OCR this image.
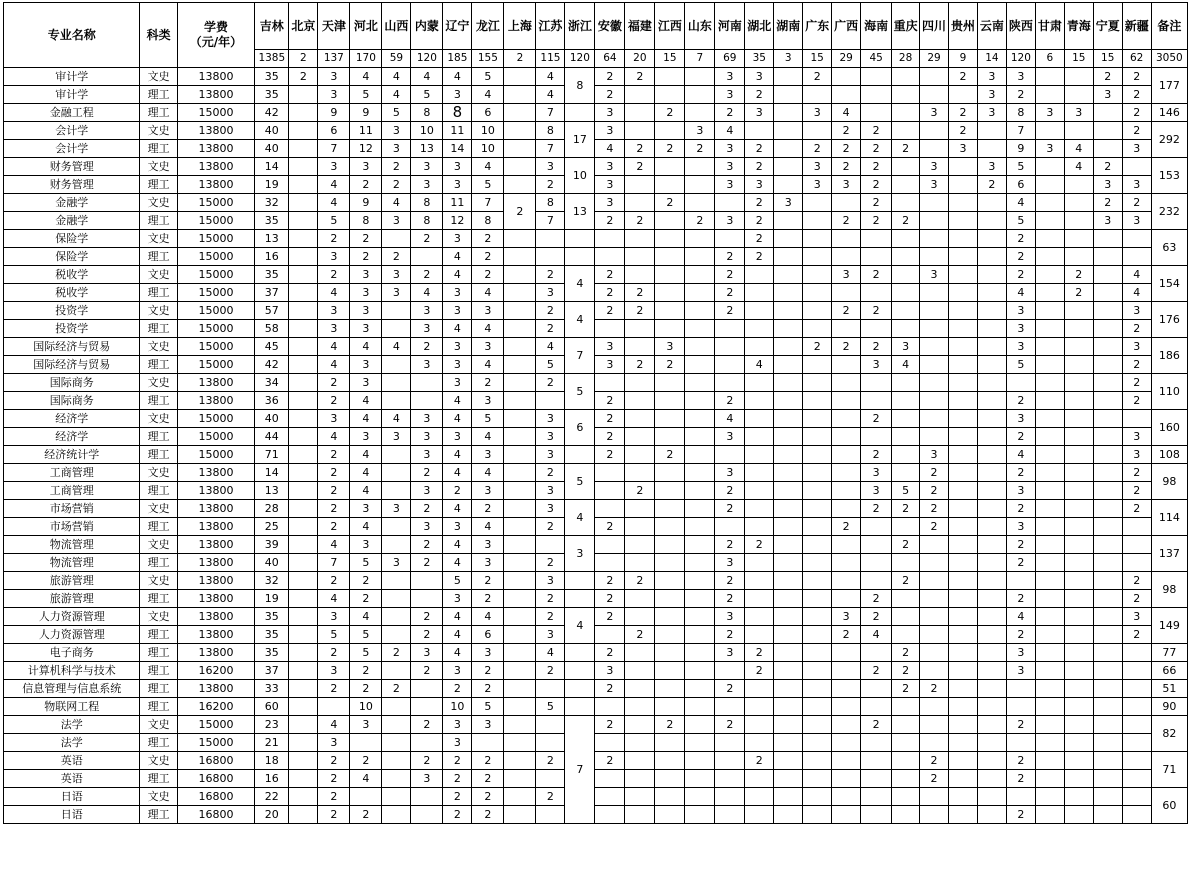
专业名称	科类	学费
（元/年）	吉林	北京	天津	河北	山西	内蒙	辽宁	龙江	上海	江苏	浙江	安徽	福建	江西	山东	河南	湖北	湖南	广东	广西	海南	重庆	四川	贵州	云南	陕西	甘肃	青海	宁夏	新疆	备注
			1385	2	137	170	59	120	185	155	2	115	120	64	20	15	7	69	35	3	15	29	45	28	29	9	14	120	6	15	15	62	3050
审计学	文史	13800	35	2	3	4	4	4	4	5		4	8	2	2			3	3		2					2	3	3			2	2	177
审计学	理工	13800	35		3	5	4	5	3	4		4		2				3	2								3	2			3	2	
金融工程	理工	15000	42		9	9	5	8	8	6		7		3		2		2	3		3	4			3	2	3	8	3	3		2	146
会计学	文史	13800	40		6	11	3	10	11	10		8	17	3			3	4				2	2			2		7				2	292
会计学	理工	13800	40		7	12	3	13	14	10		7		4	2	2	2	3	2		2	2	2	2		3		9	3	4		3	
财务管理	文史	13800	14		3	3	2	3	3	4		3	10	3	2			3	2		3	2	2		3		3	5		4	2		153
财务管理	理工	13800	19		4	2	2	3	3	5		2		3				3	3		3	3	2		3		2	6			3	3	
金融学	文史	15000	32		4	9	4	8	11	7	2	8	13	3		2			2	3			2					4			2	2	232
金融学	理工	15000	35		5	8	3	8	12	8		7		2	2		2	3	2			2	2	2				5			3	3	
保险学	文史	15000	13		2	2		2	3	2									2									2					63
保险学	理工	15000	16		3	2	2		4	2								2	2									2					
税收学	文史	15000	35		2	3	3	2	4	2		2	4	2				2				3	2		3			2		2		4	154
税收学	理工	15000	37		4	3	3	4	3	4		3		2	2			2										4		2		4	
投资学	文史	15000	57		3	3		3	3	3		2	4	2	2			2				2	2					3				3	176
投资学	理工	15000	58		3	3		3	4	4		2																3				2	
国际经济与贸易	文史	15000	45		4	4	4	2	3	3		4	7	3		3					2	2	2	3				3				3	186
国际经济与贸易	理工	15000	42		4	3		3	3	4		5		3	2	2			4				3	4				5				2	
国际商务	文史	13800	34		2	3			3	2		2	5																			2	110
国际商务	理工	13800	36		2	4			4	3				2				2										2				2	
经济学	文史	15000	40		3	4	4	3	4	5		3	6	2				4					2					3					160
经济学	理工	15000	44		4	3	3	3	3	4		3		2				3										2				3	
经济统计学	理工	15000	71		2	4		3	4	3		3		2		2							2		3			4				3	108
工商管理	文史	13800	14		2	4		2	4	4		2	5					3					3		2			2				2	98
工商管理	理工	13800	13		2	4		3	2	3		3			2			2					3	5	2			3				2	
市场营销	文史	13800	28		2	3	3	2	4	2		3	4					2					2	2	2			2				2	114
市场营销	理工	13800	25		2	4		3	3	4		2		2								2			2			3					
物流管理	文史	13800	39		4	3		2	4	3			3					2	2					2				2					137
物流管理	理工	13800	40		7	5	3	2	4	3		2						3										2					
旅游管理	文史	13800	32		2	2			5	2		3		2	2			2						2								2	98
旅游管理	理工	13800	19		4	2			3	2		2		2				2					2					2				2	
人力资源管理	文史	13800	35		3	4		2	4	4		2	4	2				3				3	2					4				3	149
人力资源管理	理工	13800	35		5	5		2	4	6		3			2			2				2	4					2				2	
电子商务	理工	13800	35		2	5	2	3	4	3		4		2				3	2					2				3					77
计算机科学与技术	理工	16200	37		3	2		2	3	2		2		3					2				2	2				3					66
信息管理与信息系统	理工	13800	33		2	2	2		2	2				2				2						2	2								51
物联网工程	理工	16200	60			10			10	5		5																					90
法学	文史	15000	23		4	3		2	3	3			7	2		2		2					2					2					82
法学	理工	15000	21		3				3																								
英语	文史	16800	18		2	2		2	2	2		2		2					2						2			2					71
英语	理工	16800	16		2	4		3	2	2															2			2					
日语	文史	16800	22		2				2	2		2																					60
日语	理工	16800	20		2	2			2	2																		2					
